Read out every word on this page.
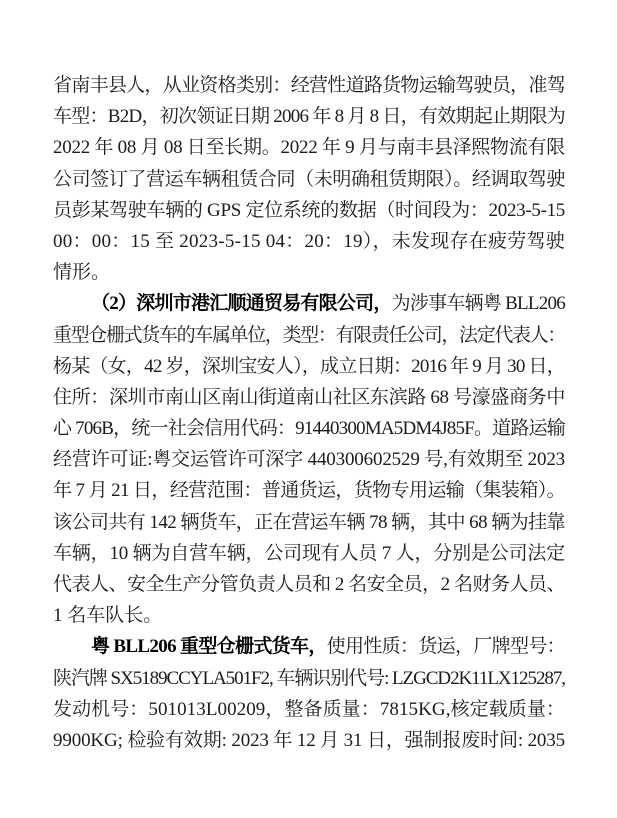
省南丰县人，从业资格类别：经营性道路货物运输驾驶员，准驾
车型：B2D，初次领证日期 2006 年 8 月 8 日，有效期起止期限为
2022 年 08 月 08 日至长期。2022 年 9 月与南丰县泽熙物流有限
公司签订了营运车辆租赁合同（未明确租赁期限）。经调取驾驶
员彭某驾驶车辆的 GPS 定位系统的数据（时间段为：2023-5-15
00：00：15 至 2023-5-15 04：20：19），未发现存在疲劳驾驶
情形。
（2）深圳市港汇顺通贸易有限公司，为涉事车辆粤 BLL206
重型仓栅式货车的车属单位，类型：有限责任公司，法定代表人：
杨某（女，42 岁，深圳宝安人），成立日期：2016 年 9 月 30 日，
住所：深圳市南山区南山街道南山社区东滨路 68 号濠盛商务中
心 706B，统一社会信用代码：91440300MA5DM4J85F。道路运输
经营许可证:粤交运管许可深字 440300602529 号,有效期至 2023
年 7 月 21 日，经营范围：普通货运，货物专用运输（集装箱）。
该公司共有 142 辆货车，正在营运车辆 78 辆，其中 68 辆为挂靠
车辆，10 辆为自营车辆，公司现有人员 7 人，分别是公司法定
代表人、安全生产分管负责人员和 2 名安全员，2 名财务人员、
1 名车队长。
粤 BLL206 重型仓栅式货车，使用性质：货运，厂牌型号：
陕汽牌 SX5189CCYLA501F2, 车辆识别代号: LZGCD2K11LX125287,
发动机号：501013L00209，整备质量：7815KG,核定载质量：
9900KG; 检验有效期: 2023 年 12 月 31 日，强制报废时间: 2035
